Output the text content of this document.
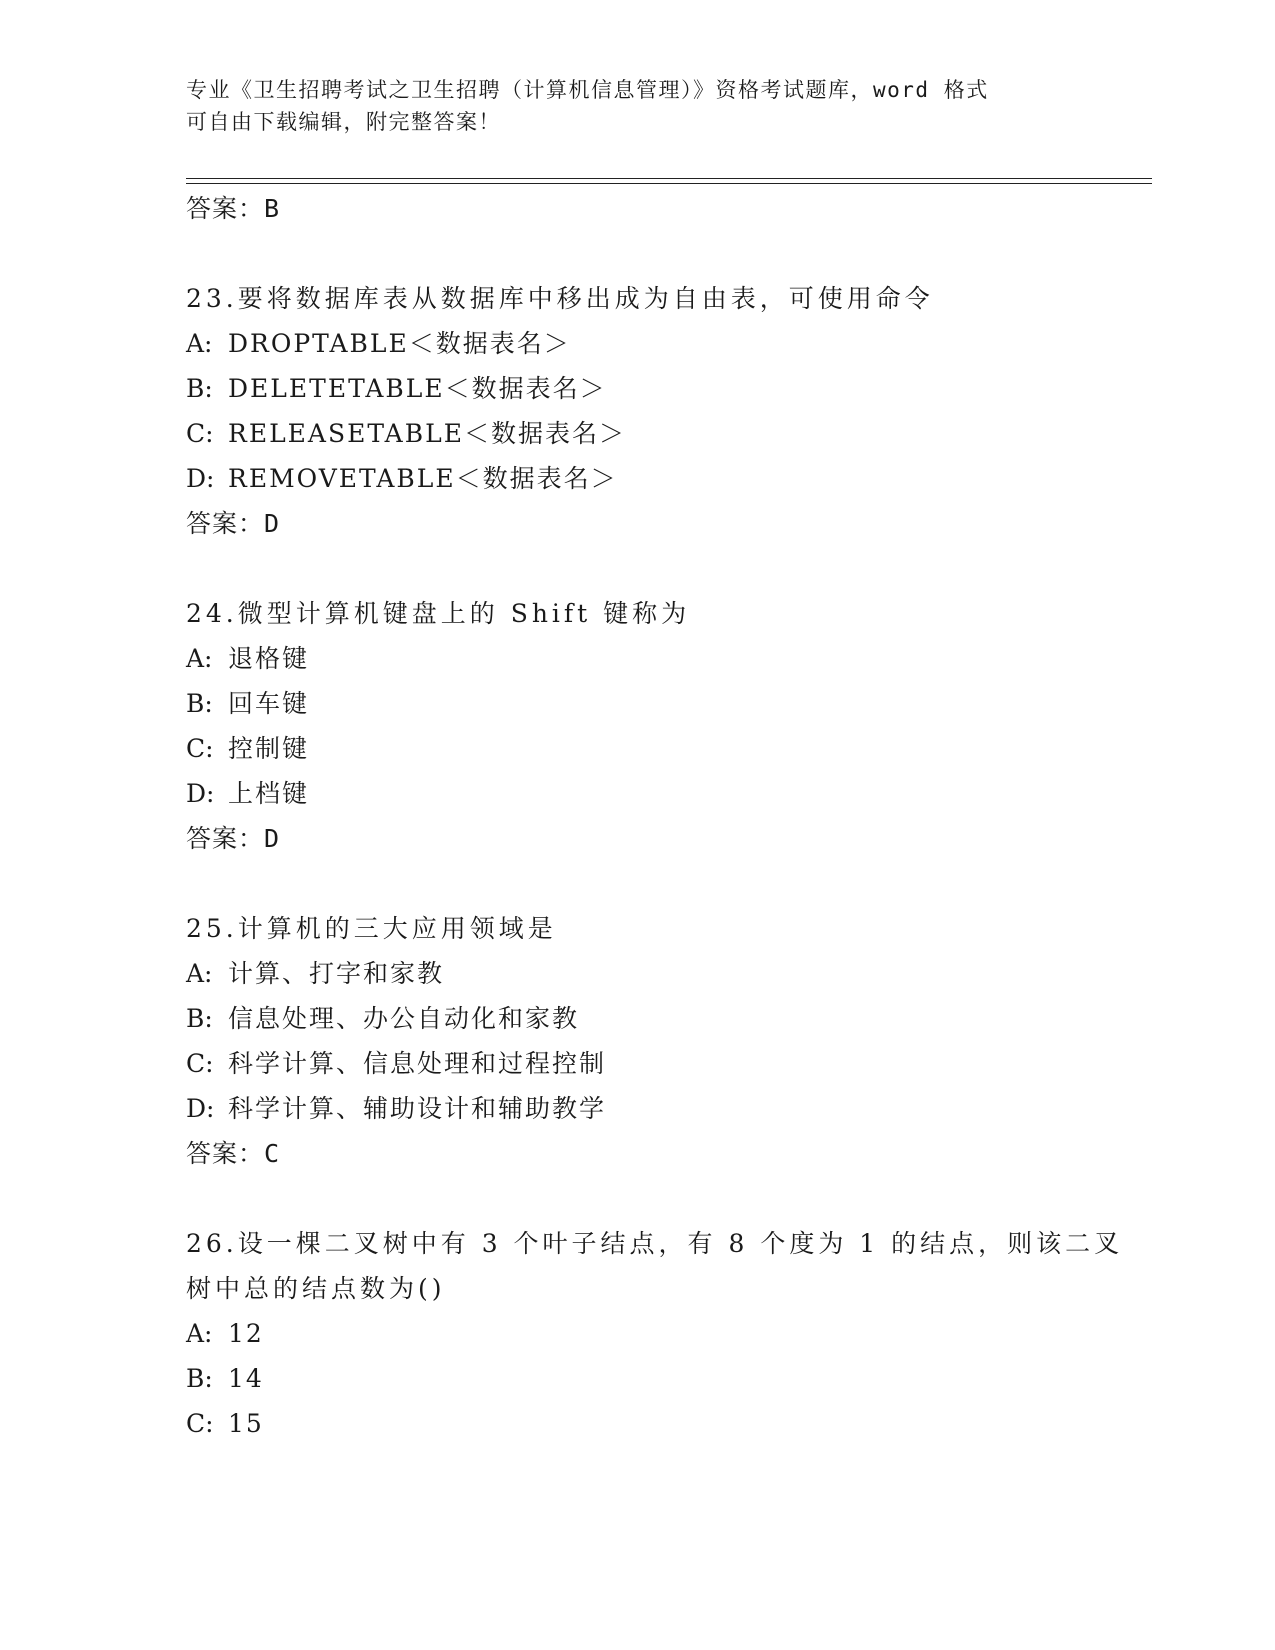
专业《卫生招聘考试之卫生招聘（计算机信息管理）》资格考试题库，word 格式
可自由下载编辑，附完整答案！
答案：B
23.要将数据库表从数据库中移出成为自由表，可使用命令
A: DROPTABLE＜数据表名＞
B: DELETETABLE＜数据表名＞
C: RELEASETABLE＜数据表名＞
D: REMOVETABLE＜数据表名＞
答案：D
24.微型计算机键盘上的 Shift 键称为
A: 退格键
B: 回车键
C: 控制键
D: 上档键
答案：D
25.计算机的三大应用领域是
A: 计算、打字和家教
B: 信息处理、办公自动化和家教
C: 科学计算、信息处理和过程控制
D: 科学计算、辅助设计和辅助教学
答案：C
26.设一棵二叉树中有 3 个叶子结点，有 8 个度为 1 的结点，则该二叉
树中总的结点数为()
A: 12
B: 14
C: 15
